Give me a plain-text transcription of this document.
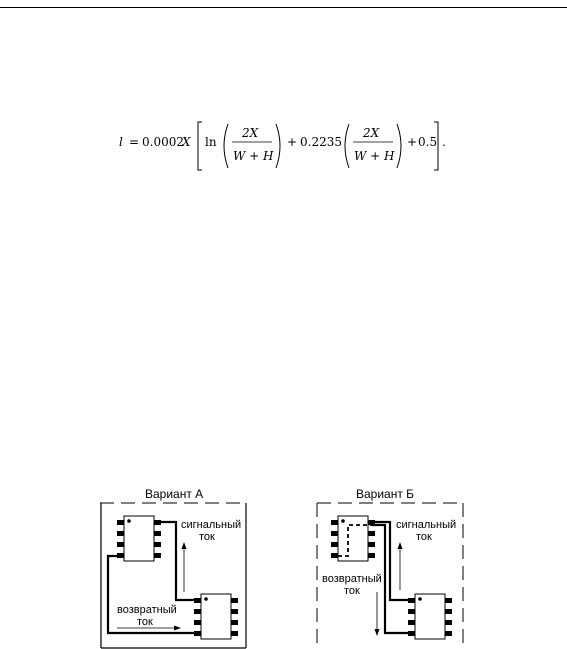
l = 0.0002
X ln
2X
W + H
+ 0.2235
2X
W + H
+ 0.5 .
Вариант А
сигнальный
ток
возвратный
ток
Вариант Б
сигнальный
ток
возвратный
ток
